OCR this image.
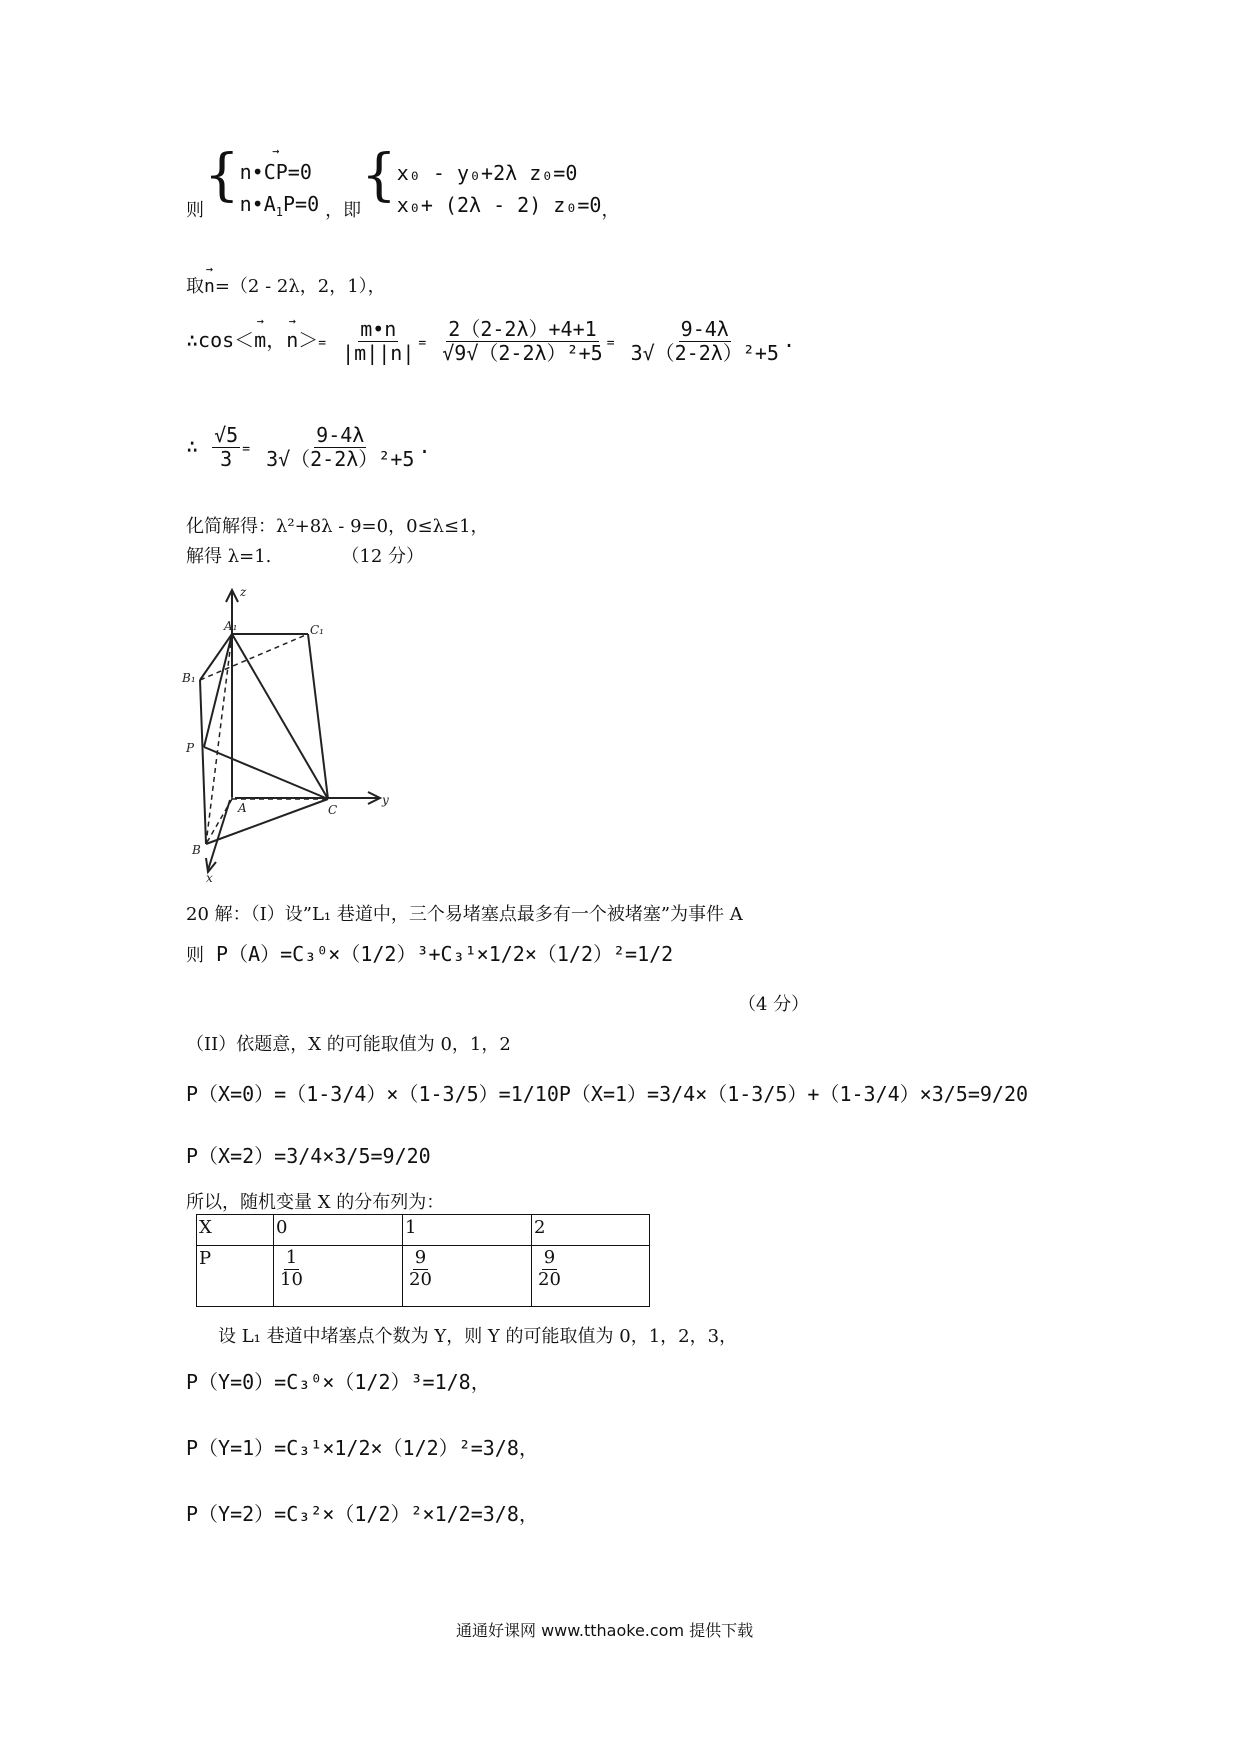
则{ → n•CP=0
$n•A_1P=0$ ，即{ x₀ - y₀+2λ z₀=0
x₀+ (2λ - 2) z₀=0 ，
取→ n=（2 - 2λ，2，1），
∴cos＜→ m，→ $n>= \frac{m•n}{|m||n|} = \frac{2(2-2\lambda)+4+1}{\text{√9√（2-2λ）²+5}} = \frac{9-4\lambda}{\text{3√（2-2λ）²+5}}$ .
∴ $\frac{√5}{3} = \frac{9-4\lambda}{\text{3√（2-2λ）²+5}}$ .
化简解得：λ²+8λ - 9=0，0≤λ≤1，
解得 λ=1.	（12 分）
z
A₁	C₁
B₁
P
A	C
B
x
y
20 解：（Ⅰ）设”L₁ 巷道中，三个易堵塞点最多有一个被堵塞”为事件 A
则 P（A）=C₃⁰×（1/2）³+C₃¹×1/2×（1/2）²=1/2
（4 分）
（II）依题意，X 的可能取值为 0，1，2
P（X=0）=（1-3/4）×（1-3/5）=1/10P（X=1）=3/4×（1-3/5）+（1-3/4）×3/5=9/20
P（X=2）=3/4×3/5=9/20
所以，随机变量 X 的分布列为：
X	0	1	2
P	$\frac{1}{10}$	$\frac{9}{20}$	$\frac{9}{20}$
设 L₁ 巷道中堵塞点个数为 Y，则 Y 的可能取值为 0，1，2，3，
P（Y=0）=C₃⁰×（1/2）³=1/8，
P（Y=1）=C₃¹×1/2×（1/2）²=3/8，
P（Y=2）=C₃²×（1/2）²×1/2=3/8，
通通好课网 www.tthaoke.com 提供下载
